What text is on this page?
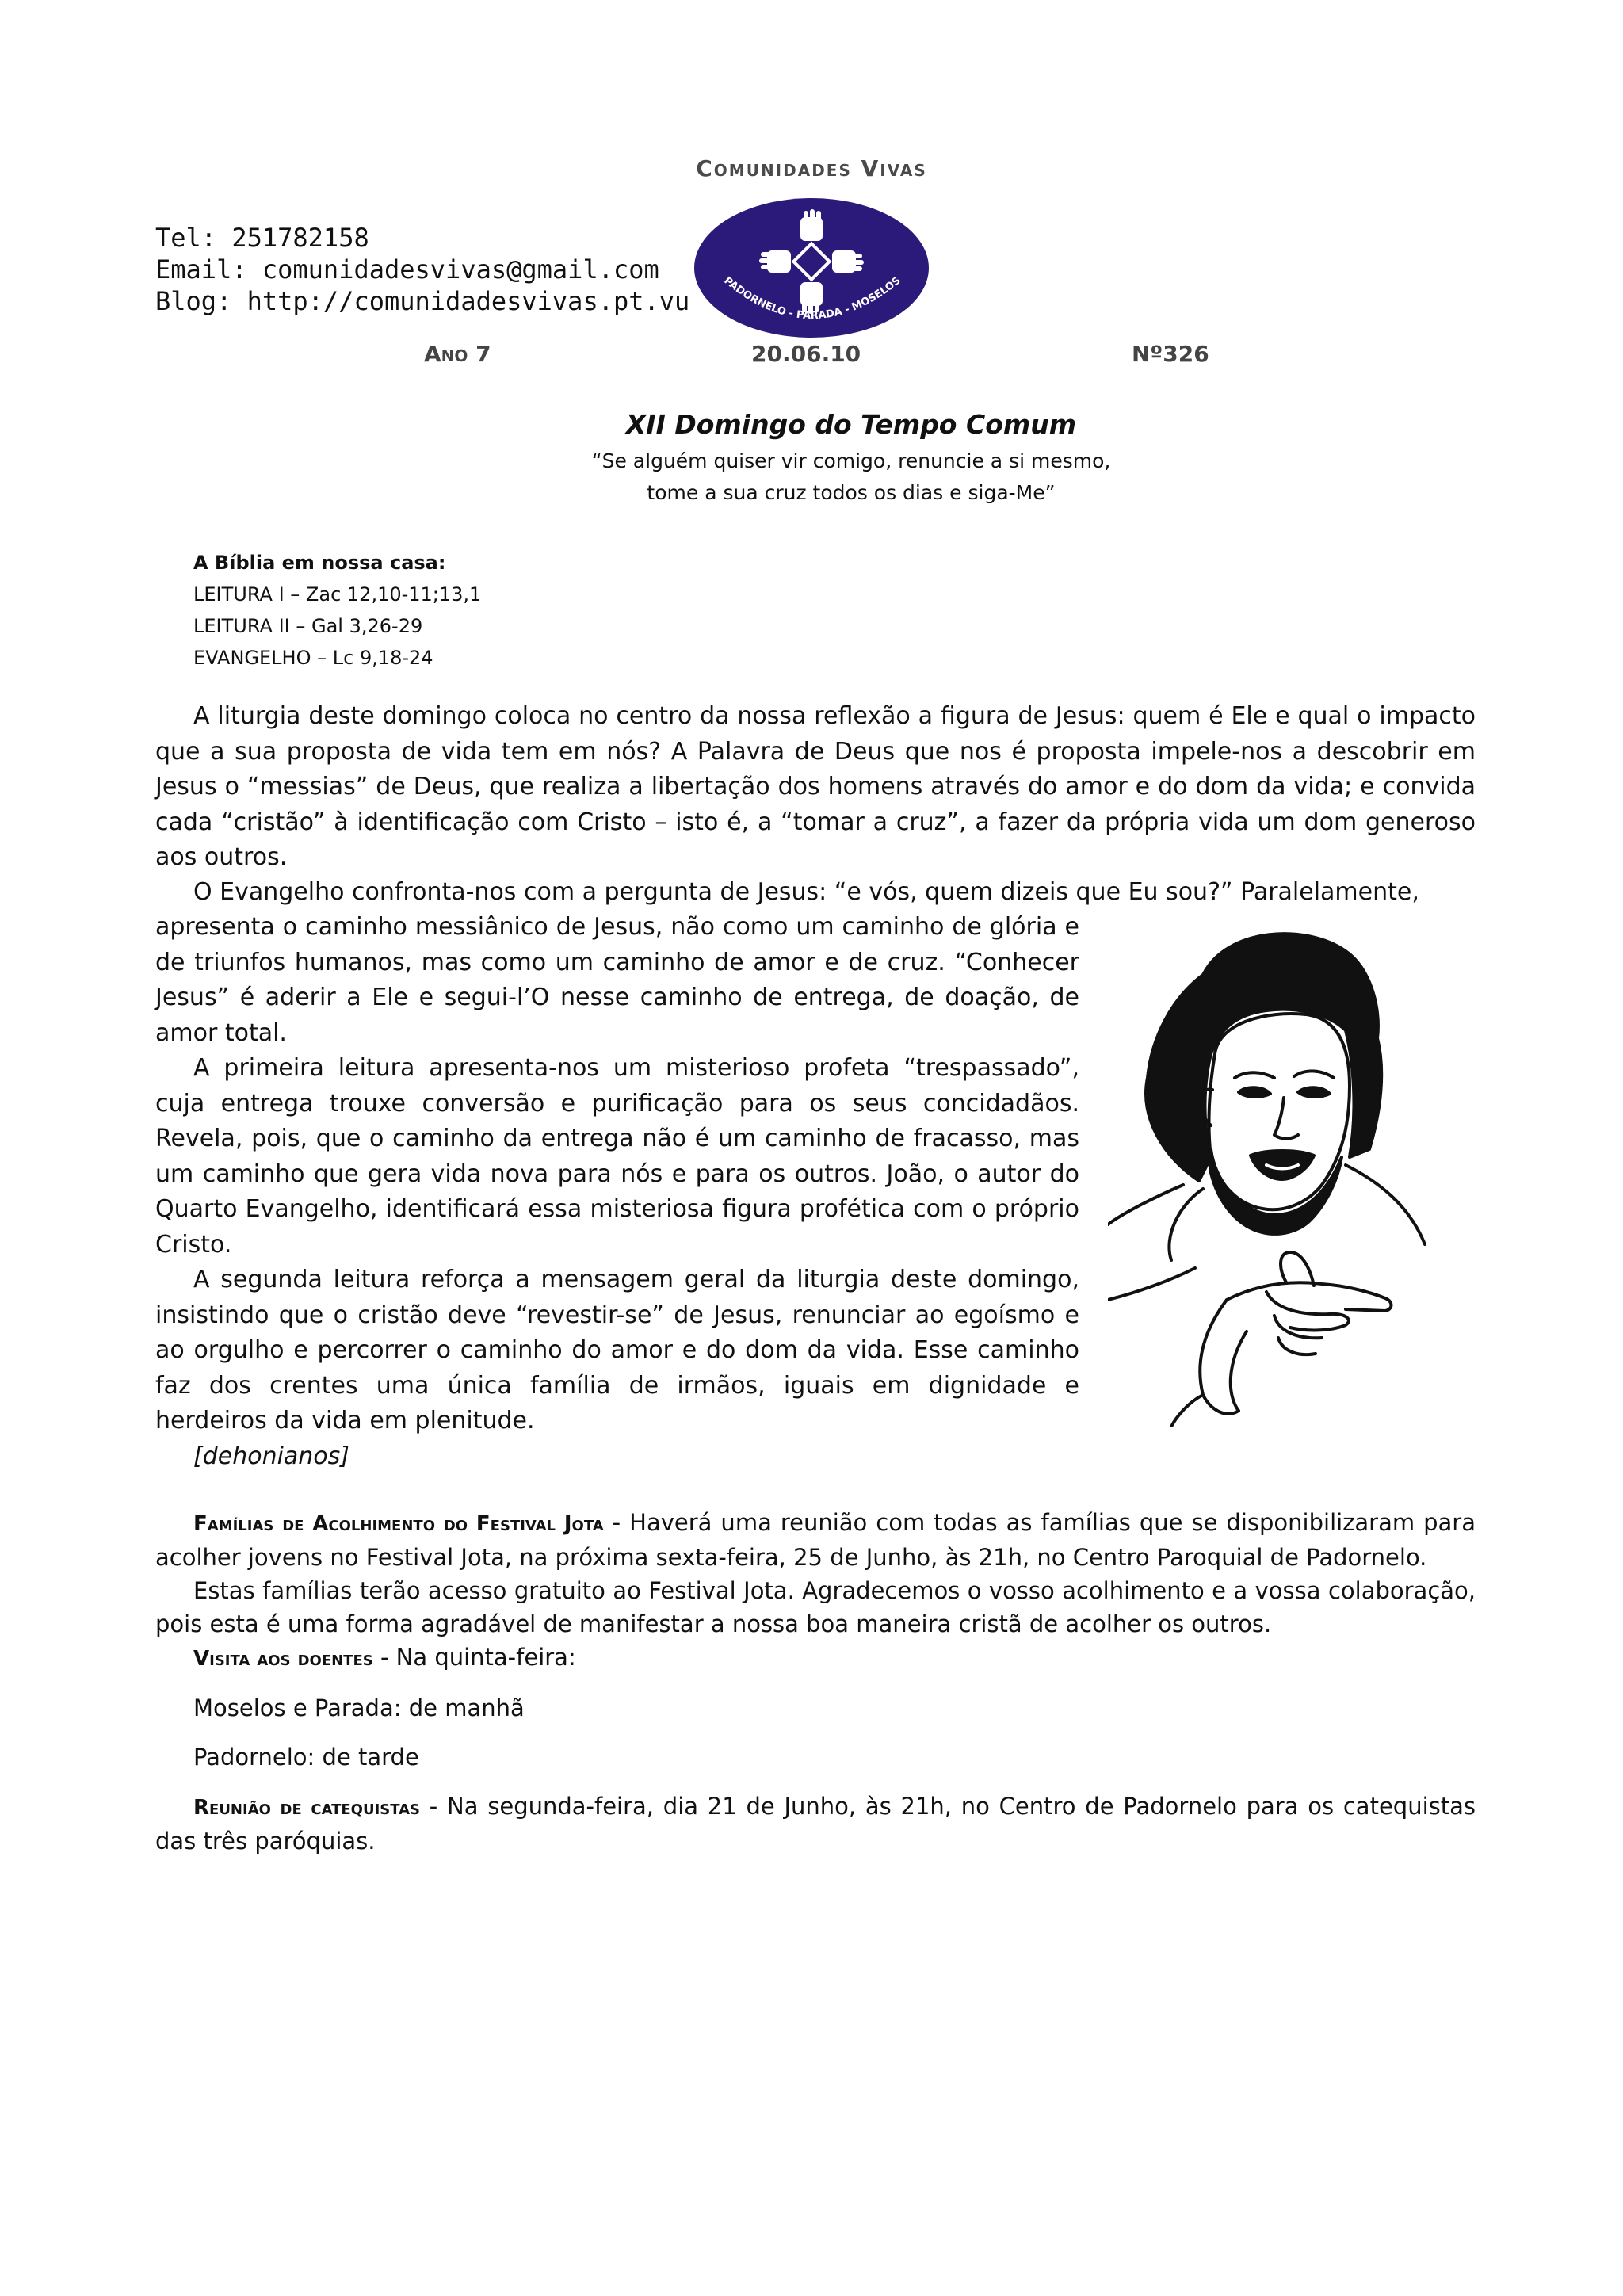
Comunidades Vivas
Tel: 251782158
Email: comunidadesvivas@gmail.com
Blog: http://comunidadesvivas.pt.vu
PADORNELO - PARADA - MOSELOS
Ano 7	20.06.10	Nº326
XII Domingo do Tempo Comum
“Se alguém quiser vir comigo, renuncie a si mesmo,
tome a sua cruz todos os dias e siga-Me”
A Bíblia em nossa casa:
LEITURA I – Zac 12,10-11;13,1
LEITURA II – Gal 3,26-29
EVANGELHO – Lc 9,18-24

A liturgia deste domingo coloca no centro da nossa reflexão a figura de Jesus: quem é Ele e qual o impacto que a sua proposta de vida tem em nós? A Palavra de Deus que nos é proposta impele-nos a descobrir em Jesus o “messias” de Deus, que realiza a libertação dos homens através do amor e do dom da vida; e convida cada “cristão” à identificação com Cristo – isto é, a “tomar a cruz”, a fazer da própria vida um dom generoso aos outros.

O Evangelho confronta-nos com a pergunta de Jesus: “e vós, quem dizeis que Eu sou?” Paralelamente,

apresenta o caminho messiânico de Jesus, não como um caminho de glória e de triunfos humanos, mas como um caminho de amor e de cruz. “Conhecer Jesus” é aderir a Ele e segui-l’O nesse caminho de entrega, de doação, de amor total.

A primeira leitura apresenta-nos um misterioso profeta “trespassado”, cuja entrega trouxe conversão e purificação para os seus concidadãos. Revela, pois, que o caminho da entrega não é um caminho de fracasso, mas um caminho que gera vida nova para nós e para os outros. João, o autor do Quarto Evangelho, identificará essa misteriosa figura profética com o próprio Cristo.

A segunda leitura reforça a mensagem geral da liturgia deste domingo, insistindo que o cristão deve “revestir-se” de Jesus, renunciar ao egoísmo e ao orgulho e percorrer o caminho do amor e do dom da vida. Esse caminho faz dos crentes uma única família de irmãos, iguais em dignidade e herdeiros da vida em plenitude.

[dehonianos]

Famílias de Acolhimento do Festival Jota - Haverá uma reunião com todas as famílias que se disponibilizaram para acolher jovens no Festival Jota, na próxima sexta-feira, 25 de Junho, às 21h, no Centro Paroquial de Padornelo.

Estas famílias terão acesso gratuito ao Festival Jota. Agradecemos o vosso acolhimento e a vossa colaboração, pois esta é uma forma agradável de manifestar a nossa boa maneira cristã de acolher os outros.

Visita aos doentes - Na quinta-feira:

Moselos e Parada: de manhã

Padornelo: de tarde

Reunião de catequistas - Na segunda-feira, dia 21 de Junho, às 21h, no Centro de Padornelo para os catequistas das três paróquias.
